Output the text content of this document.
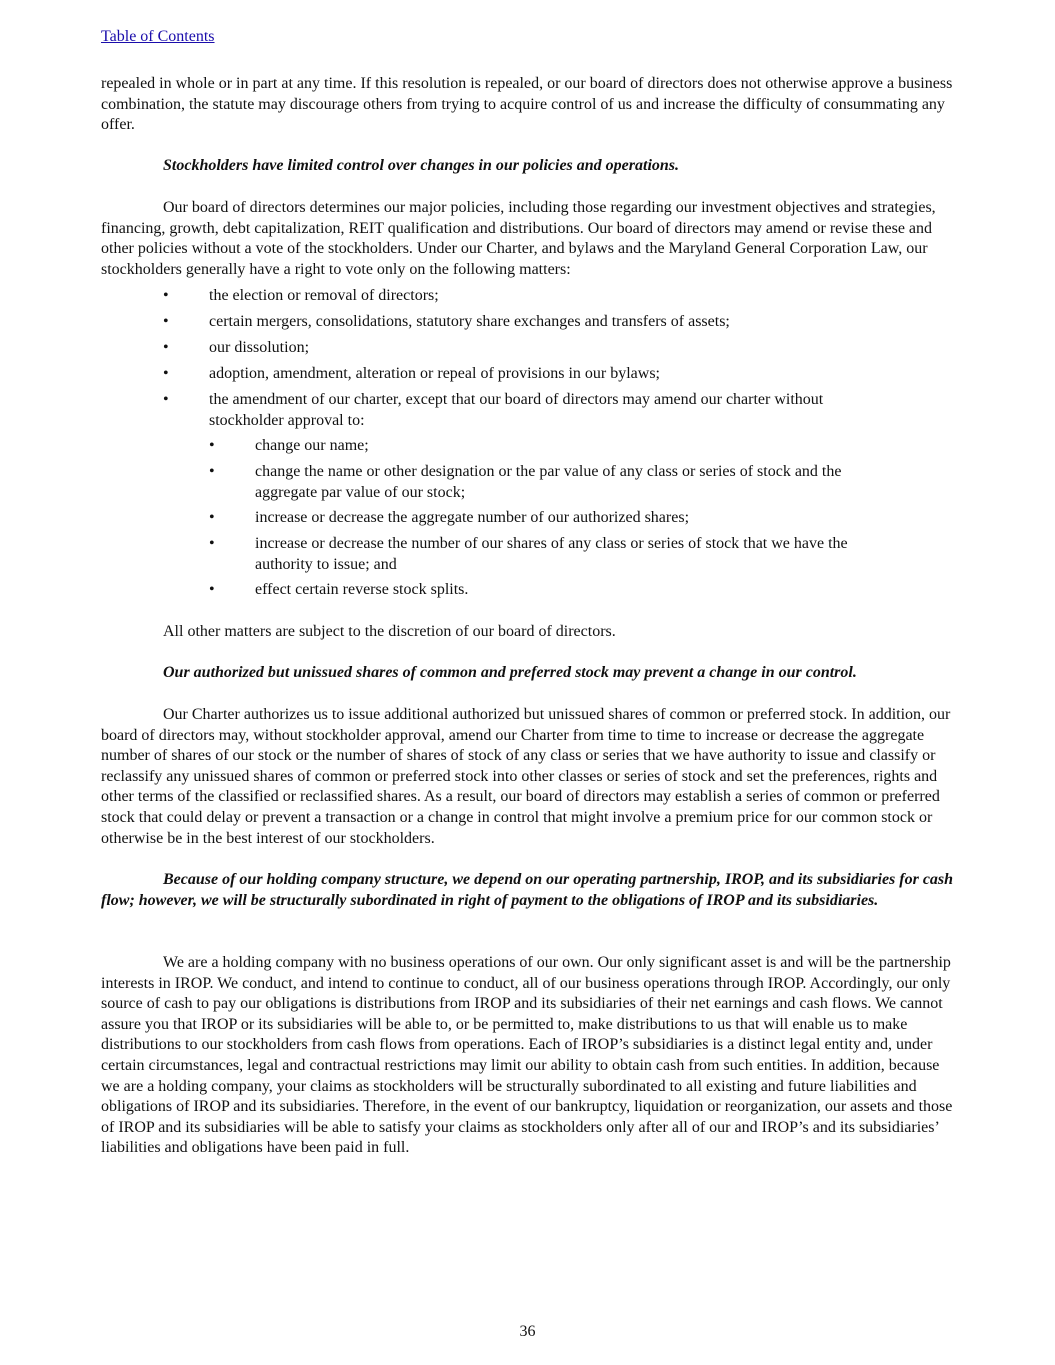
Table of Contents

repealed in whole or in part at any time. If this resolution is repealed, or our board of directors does not otherwise approve a business combination, the statute may discourage others from trying to acquire control of us and increase the difficulty of consummating any offer.

Stockholders have limited control over changes in our policies and operations.

Our board of directors determines our major policies, including those regarding our investment objectives and strategies, financing, growth, debt capitalization, REIT qualification and distributions. Our board of directors may amend or revise these and other policies without a vote of the stockholders. Under our Charter, and bylaws and the Maryland General Corporation Law, our stockholders generally have a right to vote only on the following matters:

•	the election or removal of directors;
•	certain mergers, consolidations, statutory share exchanges and transfers of assets;
•	our dissolution;
•	adoption, amendment, alteration or repeal of provisions in our bylaws;
•	the amendment of our charter, except that our board of directors may amend our charter without stockholder approval to:
•	change our name;
•	change the name or other designation or the par value of any class or series of stock and the aggregate par value of our stock;
•	increase or decrease the aggregate number of our authorized shares;
•	increase or decrease the number of our shares of any class or series of stock that we have the authority to issue; and
•	effect certain reverse stock splits.

All other matters are subject to the discretion of our board of directors.

Our authorized but unissued shares of common and preferred stock may prevent a change in our control.

Our Charter authorizes us to issue additional authorized but unissued shares of common or preferred stock. In addition, our board of directors may, without stockholder approval, amend our Charter from time to time to increase or decrease the aggregate number of shares of our stock or the number of shares of stock of any class or series that we have authority to issue and classify or reclassify any unissued shares of common or preferred stock into other classes or series of stock and set the preferences, rights and other terms of the classified or reclassified shares. As a result, our board of directors may establish a series of common or preferred stock that could delay or prevent a transaction or a change in control that might involve a premium price for our common stock or otherwise be in the best interest of our stockholders.

Because of our holding company structure, we depend on our operating partnership, IROP, and its subsidiaries for cash flow; however, we will be structurally subordinated in right of payment to the obligations of IROP and its subsidiaries.

We are a holding company with no business operations of our own. Our only significant asset is and will be the partnership interests in IROP. We conduct, and intend to continue to conduct, all of our business operations through IROP. Accordingly, our only source of cash to pay our obligations is distributions from IROP and its subsidiaries of their net earnings and cash flows. We cannot assure you that IROP or its subsidiaries will be able to, or be permitted to, make distributions to us that will enable us to make distributions to our stockholders from cash flows from operations. Each of IROP’s subsidiaries is a distinct legal entity and, under certain circumstances, legal and contractual restrictions may limit our ability to obtain cash from such entities. In addition, because we are a holding company, your claims as stockholders will be structurally subordinated to all existing and future liabilities and obligations of IROP and its subsidiaries. Therefore, in the event of our bankruptcy, liquidation or reorganization, our assets and those of IROP and its subsidiaries will be able to satisfy your claims as stockholders only after all of our and IROP’s and its subsidiaries’ liabilities and obligations have been paid in full.

36
